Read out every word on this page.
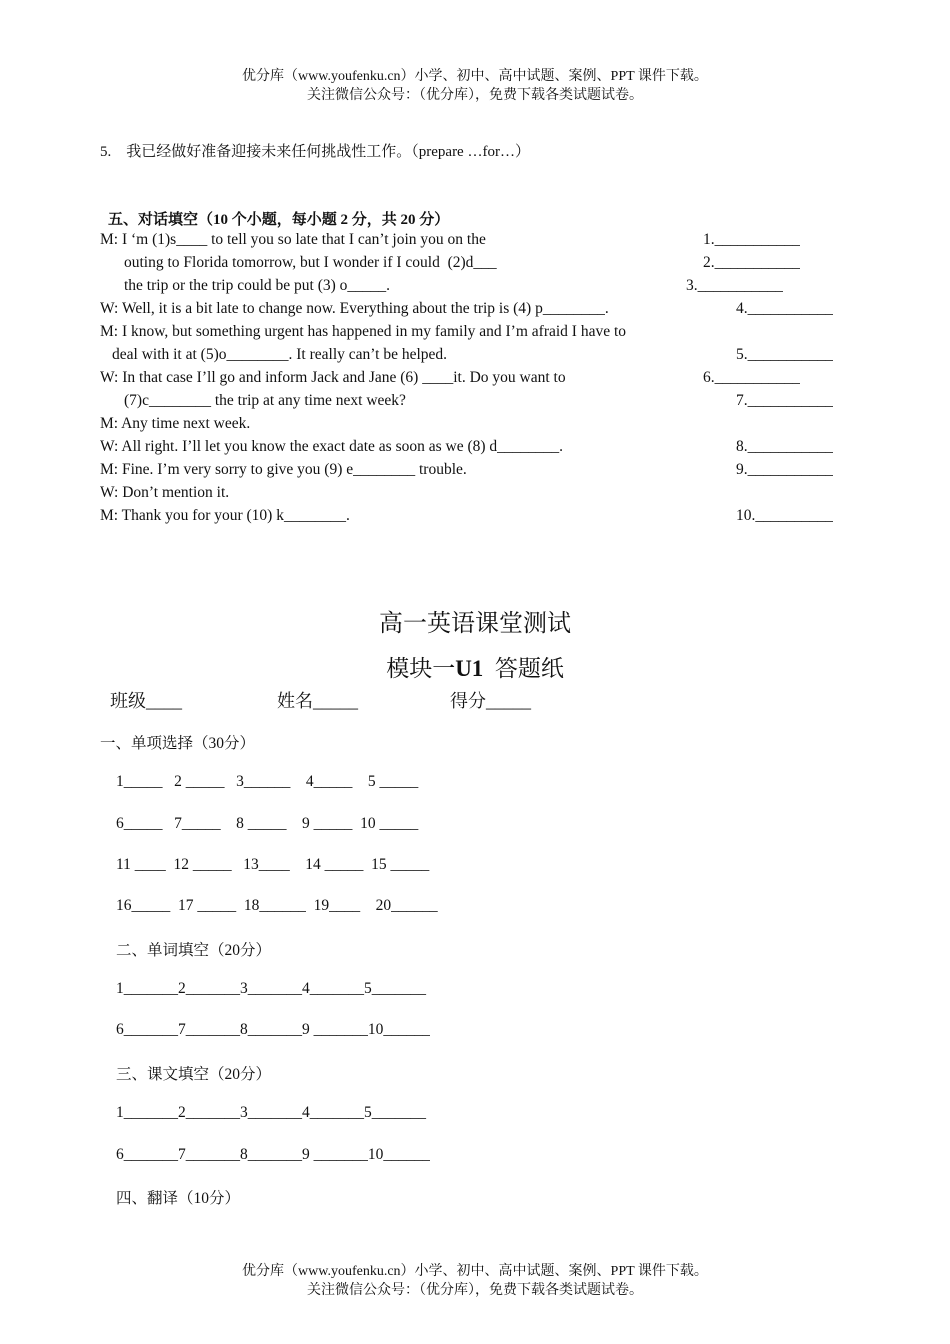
优分库（www.youfenku.cn）小学、初中、高中试题、案例、PPT 课件下载。
关注微信公众号：（优分库），免费下载各类试题试卷。
5.    我已经做好准备迎接未来任何挑战性工作。（prepare …for…）
五、对话填空（10 个小题，每小题 2 分，共 20 分）
M: I ‘m (1)s____ to tell you so late that I can’t join you on the
outing to Florida tomorrow, but I wonder if I could  (2)d___
the trip or the trip could be put (3) o_____.
W: Well, it is a bit late to change now. Everything about the trip is (4) p________.
M: I know, but something urgent has happened in my family and I’m afraid I have to
deal with it at (5)o________. It really can’t be helped.
W: In that case I’ll go and inform Jack and Jane (6) ____it. Do you want to
(7)c________ the trip at any time next week?
M: Any time next week.
W: All right. I’ll let you know the exact date as soon as we (8) d________.
M: Fine. I’m very sorry to give you (9) e________ trouble.
W: Don’t mention it.
M: Thank you for your (10) k________.
1.___________
2.___________
3.___________
4.___________
5.___________
6.___________
7.___________
8.___________
9.___________
10.__________
高一英语课堂测试
模块一U1 答题纸
班级____	姓名_____	得分_____
一、单项选择（30分）
1_____   2 _____   3______    4_____    5 _____
6_____   7_____    8 _____    9 _____  10 _____
11 ____  12 _____   13____    14 _____  15 _____
16_____  17 _____  18______  19____    20______
二、单词填空（20分）
1_______2_______3_______4_______5_______
6_______7_______8_______9 _______10______
三、课文填空（20分）
1_______2_______3_______4_______5_______
6_______7_______8_______9 _______10______
四、翻译（10分）
优分库（www.youfenku.cn）小学、初中、高中试题、案例、PPT 课件下载。
关注微信公众号：（优分库），免费下载各类试题试卷。
